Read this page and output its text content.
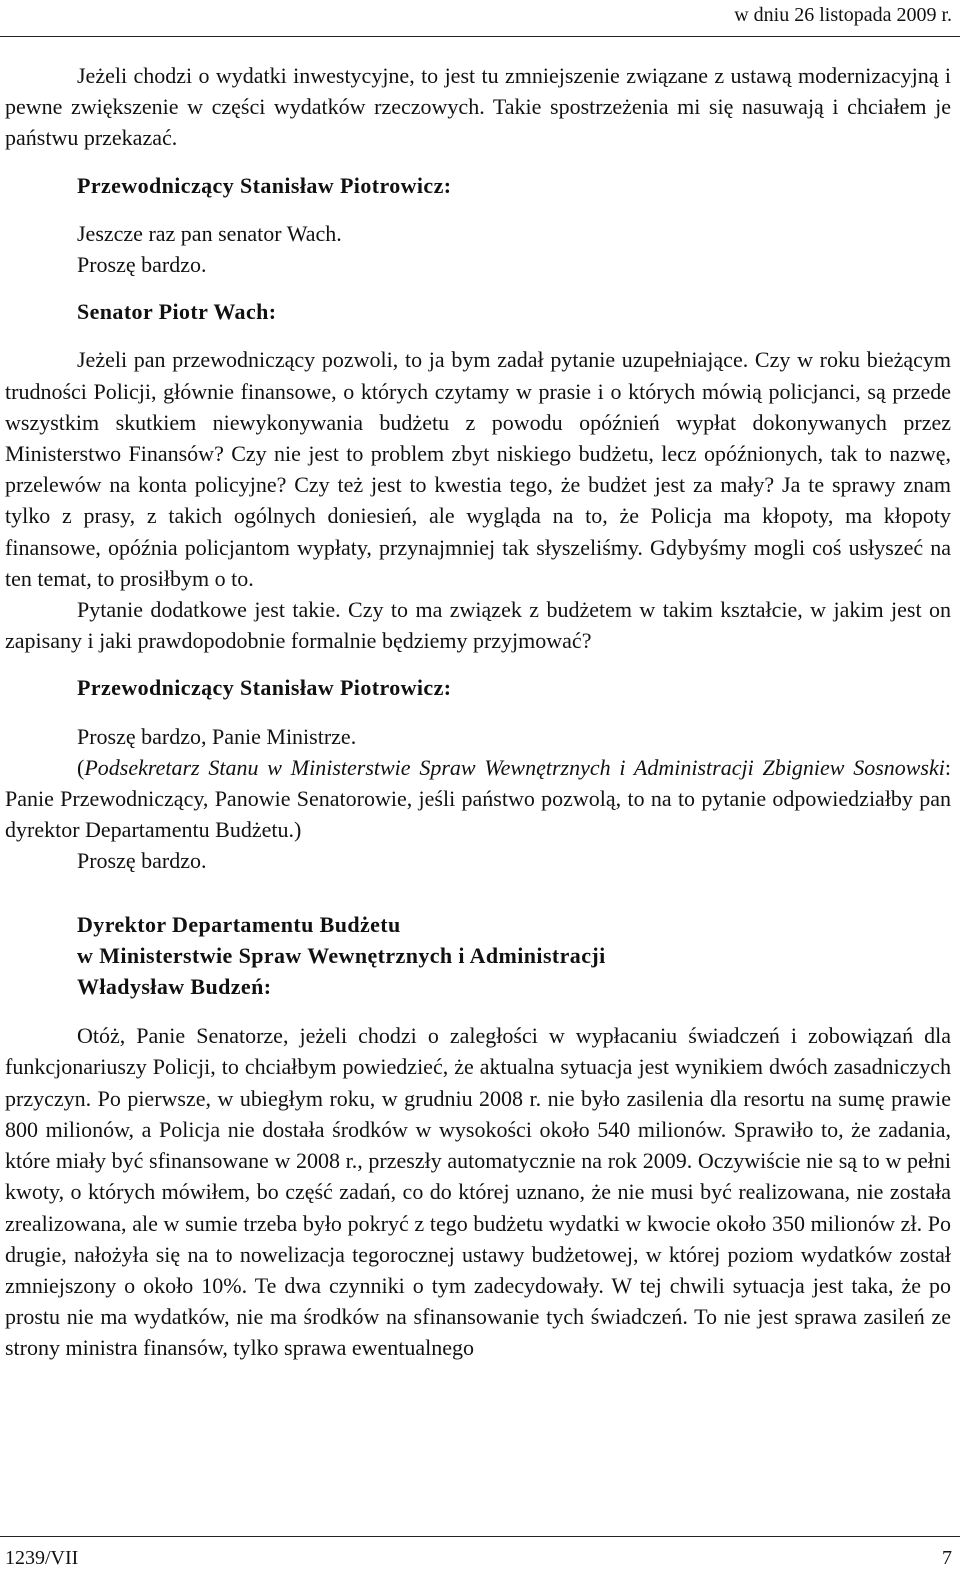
w dniu 26 listopada 2009 r.

Jeżeli chodzi o wydatki inwestycyjne, to jest tu zmniejszenie związane z ustawą modernizacyjną i pewne zwiększenie w części wydatków rzeczowych. Takie spostrzeżenia mi się nasuwają i chciałem je państwu przekazać.

Przewodniczący Stanisław Piotrowicz:

Jeszcze raz pan senator Wach.

Proszę bardzo.

Senator Piotr Wach:

Jeżeli pan przewodniczący pozwoli, to ja bym zadał pytanie uzupełniające. Czy w roku bieżącym trudności Policji, głównie finansowe, o których czytamy w prasie i o których mówią policjanci, są przede wszystkim skutkiem niewykonywania budżetu z powodu opóźnień wypłat dokonywanych przez Ministerstwo Finansów? Czy nie jest to problem zbyt niskiego budżetu, lecz opóźnionych, tak to nazwę, przelewów na konta policyjne? Czy też jest to kwestia tego, że budżet jest za mały? Ja te sprawy znam tylko z prasy, z takich ogólnych doniesień, ale wygląda na to, że Policja ma kłopoty, ma kłopoty finansowe, opóźnia policjantom wypłaty, przynajmniej tak słyszeliśmy. Gdybyśmy mogli coś usłyszeć na ten temat, to prosiłbym o to.

Pytanie dodatkowe jest takie. Czy to ma związek z budżetem w takim kształcie, w jakim jest on zapisany i jaki prawdopodobnie formalnie będziemy przyjmować?

Przewodniczący Stanisław Piotrowicz:

Proszę bardzo, Panie Ministrze.

(Podsekretarz Stanu w Ministerstwie Spraw Wewnętrznych i Administracji Zbigniew Sosnowski: Panie Przewodniczący, Panowie Senatorowie, jeśli państwo pozwolą, to na to pytanie odpowiedziałby pan dyrektor Departamentu Budżetu.)

Proszę bardzo.

Dyrektor Departamentu Budżetu
w Ministerstwie Spraw Wewnętrznych i Administracji
Władysław Budzeń:

Otóż, Panie Senatorze, jeżeli chodzi o zaległości w wypłacaniu świadczeń i zobowiązań dla funkcjonariuszy Policji, to chciałbym powiedzieć, że aktualna sytuacja jest wynikiem dwóch zasadniczych przyczyn. Po pierwsze, w ubiegłym roku, w grudniu 2008 r. nie było zasilenia dla resortu na sumę prawie 800 milionów, a Policja nie dostała środków w wysokości około 540 milionów. Sprawiło to, że zadania, które miały być sfinansowane w 2008 r., przeszły automatycznie na rok 2009. Oczywiście nie są to w pełni kwoty, o których mówiłem, bo część zadań, co do której uznano, że nie musi być realizowana, nie została zrealizowana, ale w sumie trzeba było pokryć z tego budżetu wydatki w kwocie około 350 milionów zł. Po drugie, nałożyła się na to nowelizacja tegorocznej ustawy budżetowej, w której poziom wydatków został zmniejszony o około 10%. Te dwa czynniki o tym zadecydowały. W tej chwili sytuacja jest taka, że po prostu nie ma wydatków, nie ma środków na sfinansowanie tych świadczeń. To nie jest sprawa zasileń ze strony ministra finansów, tylko sprawa ewentualnego

1239/VII	7
